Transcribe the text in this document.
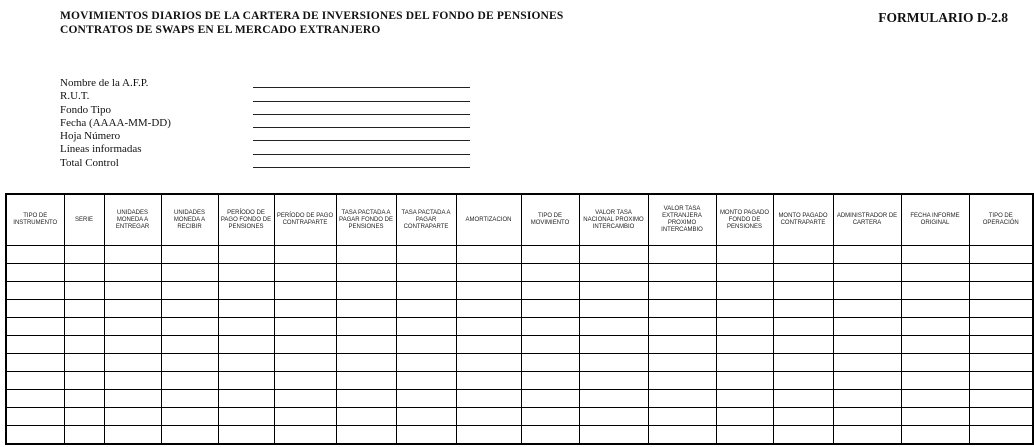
MOVIMIENTOS DIARIOS DE LA CARTERA DE INVERSIONES DEL FONDO DE PENSIONES
CONTRATOS DE SWAPS EN EL MERCADO EXTRANJERO
FORMULARIO D-2.8
Nombre de la A.F.P.
R.U.T.
Fondo Tipo
Fecha (AAAA-MM-DD)
Hoja Número
Líneas informadas
Total Control
TIPO DE INSTRUMENTO	SERIE	UNIDADES MONEDA A ENTREGAR	UNIDADES MONEDA A RECIBIR	PERÍODO DE PAGO FONDO DE PENSIONES	PERÍODO DE PAGO CONTRAPARTE	TASA PACTADA A PAGAR FONDO DE PENSIONES	TASA PACTADA A PAGAR CONTRAPARTE	AMORTIZACION	TIPO DE MOVIMIENTO	VALOR TASA NACIONAL PROXIMO INTERCAMBIO	VALOR TASA EXTRANJERA PROXIMO INTERCAMBIO	MONTO PAGADO FONDO DE PENSIONES	MONTO PAGADO CONTRAPARTE	ADMINISTRADOR DE CARTERA	FECHA INFORME ORIGINAL	TIPO DE OPERACIÓN
